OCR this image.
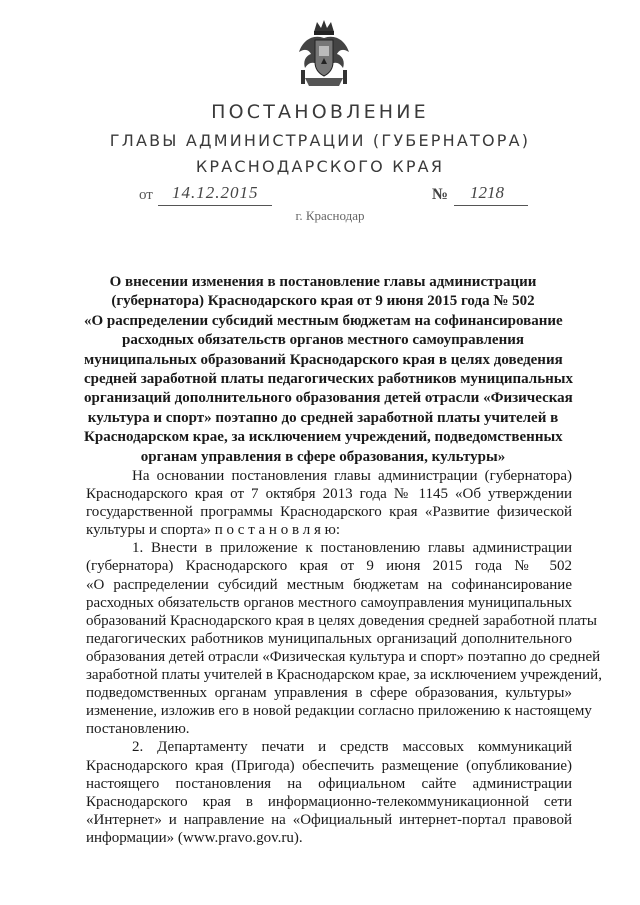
ПОСТАНОВЛЕНИЕ
ГЛАВЫ АДМИНИСТРАЦИИ (ГУБЕРНАТОРА)
КРАСНОДАРСКОГО КРАЯ
от 14.12.2015	№ 1218
г. Краснодар
О внесении изменения в постановление главы администрации
(губернатора) Краснодарского края от 9 июня 2015 года № 502
«О распределении субсидий местным бюджетам на софинансирование
расходных обязательств органов местного самоуправления
муниципальных образований Краснодарского края в целях доведения
средней заработной платы педагогических работников муниципальных
организаций дополнительного образования детей отрасли «Физическая
культура и спорт» поэтапно до средней заработной платы учителей в
Краснодарском крае, за исключением учреждений, подведомственных
органам управления в сфере образования, культуры»
На основании постановления главы администрации (губернатора)
Краснодарского края от 7 октября 2013 года № 1145 «Об утверждении
государственной программы Краснодарского края «Развитие физической
культуры и спорта» п о с т а н о в л я ю:
1. Внести в приложение к постановлению главы администрации
(губернатора) Краснодарского края от 9 июня 2015 года № 502
«О распределении субсидий местным бюджетам на софинансирование
расходных обязательств органов местного самоуправления муниципальных
образований Краснодарского края в целях доведения средней заработной платы
педагогических работников муниципальных организаций дополнительного
образования детей отрасли «Физическая культура и спорт» поэтапно до средней
заработной платы учителей в Краснодарском крае, за исключением учреждений,
подведомственных органам управления в сфере образования, культуры»
изменение, изложив его в новой редакции согласно приложению к настоящему
постановлению.
2. Департаменту печати и средств массовых коммуникаций
Краснодарского края (Пригода) обеспечить размещение (опубликование)
настоящего постановления на официальном сайте администрации
Краснодарского края в информационно-телекоммуникационной сети
«Интернет» и направление на «Официальный интернет-портал правовой
информации» (www.pravo.gov.ru).
